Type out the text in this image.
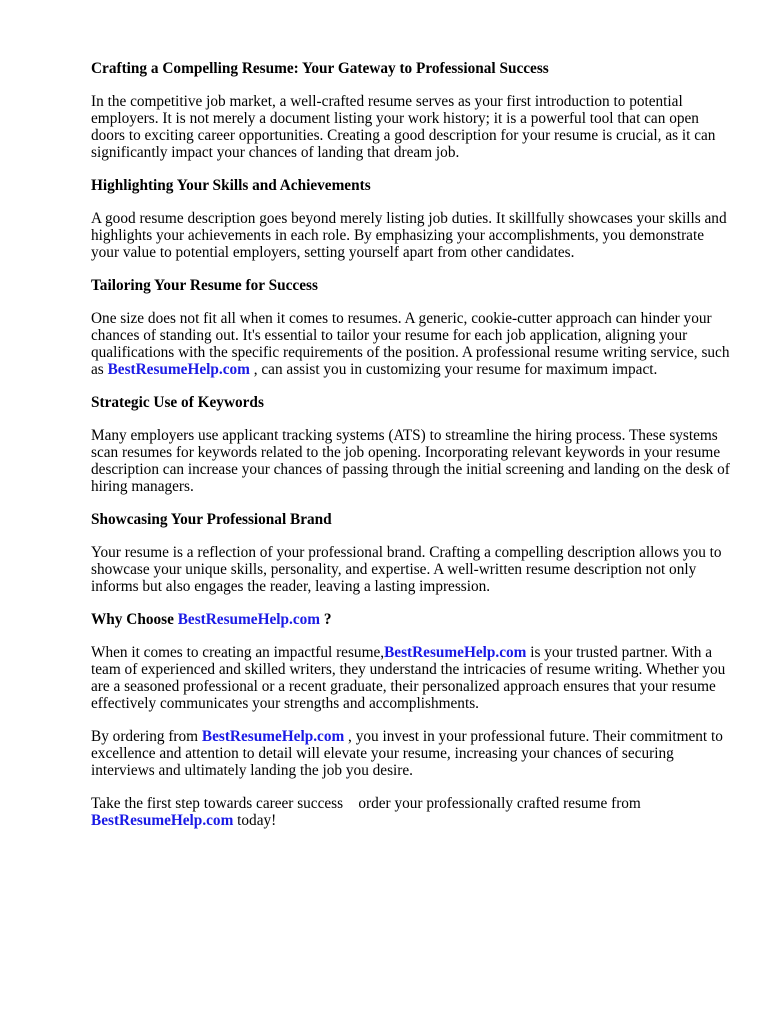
Crafting a Compelling Resume: Your Gateway to Professional Success

In the competitive job market, a well-crafted resume serves as your first introduction to potential employers. It is not merely a document listing your work history; it is a powerful tool that can open doors to exciting career opportunities. Creating a good description for your resume is crucial, as it can significantly impact your chances of landing that dream job.

Highlighting Your Skills and Achievements

A good resume description goes beyond merely listing job duties. It skillfully showcases your skills and highlights your achievements in each role. By emphasizing your accomplishments, you demonstrate your value to potential employers, setting yourself apart from other candidates.

Tailoring Your Resume for Success

One size does not fit all when it comes to resumes. A generic, cookie-cutter approach can hinder your chances of standing out. It's essential to tailor your resume for each job application, aligning your qualifications with the specific requirements of the position. A professional resume writing service, such as BestResumeHelp.com , can assist you in customizing your resume for maximum impact.

Strategic Use of Keywords

Many employers use applicant tracking systems (ATS) to streamline the hiring process. These systems scan resumes for keywords related to the job opening. Incorporating relevant keywords in your resume description can increase your chances of passing through the initial screening and landing on the desk of hiring managers.

Showcasing Your Professional Brand

Your resume is a reflection of your professional brand. Crafting a compelling description allows you to showcase your unique skills, personality, and expertise. A well-written resume description not only informs but also engages the reader, leaving a lasting impression.

Why Choose BestResumeHelp.com ?

When it comes to creating an impactful resume,BestResumeHelp.com is your trusted partner. With a team of experienced and skilled writers, they understand the intricacies of resume writing. Whether you are a seasoned professional or a recent graduate, their personalized approach ensures that your resume effectively communicates your strengths and accomplishments.

By ordering from BestResumeHelp.com , you invest in your professional future. Their commitment to excellence and attention to detail will elevate your resume, increasing your chances of securing interviews and ultimately landing the job you desire.

Take the first step towards career success    order your professionally crafted resume from BestResumeHelp.com today!
